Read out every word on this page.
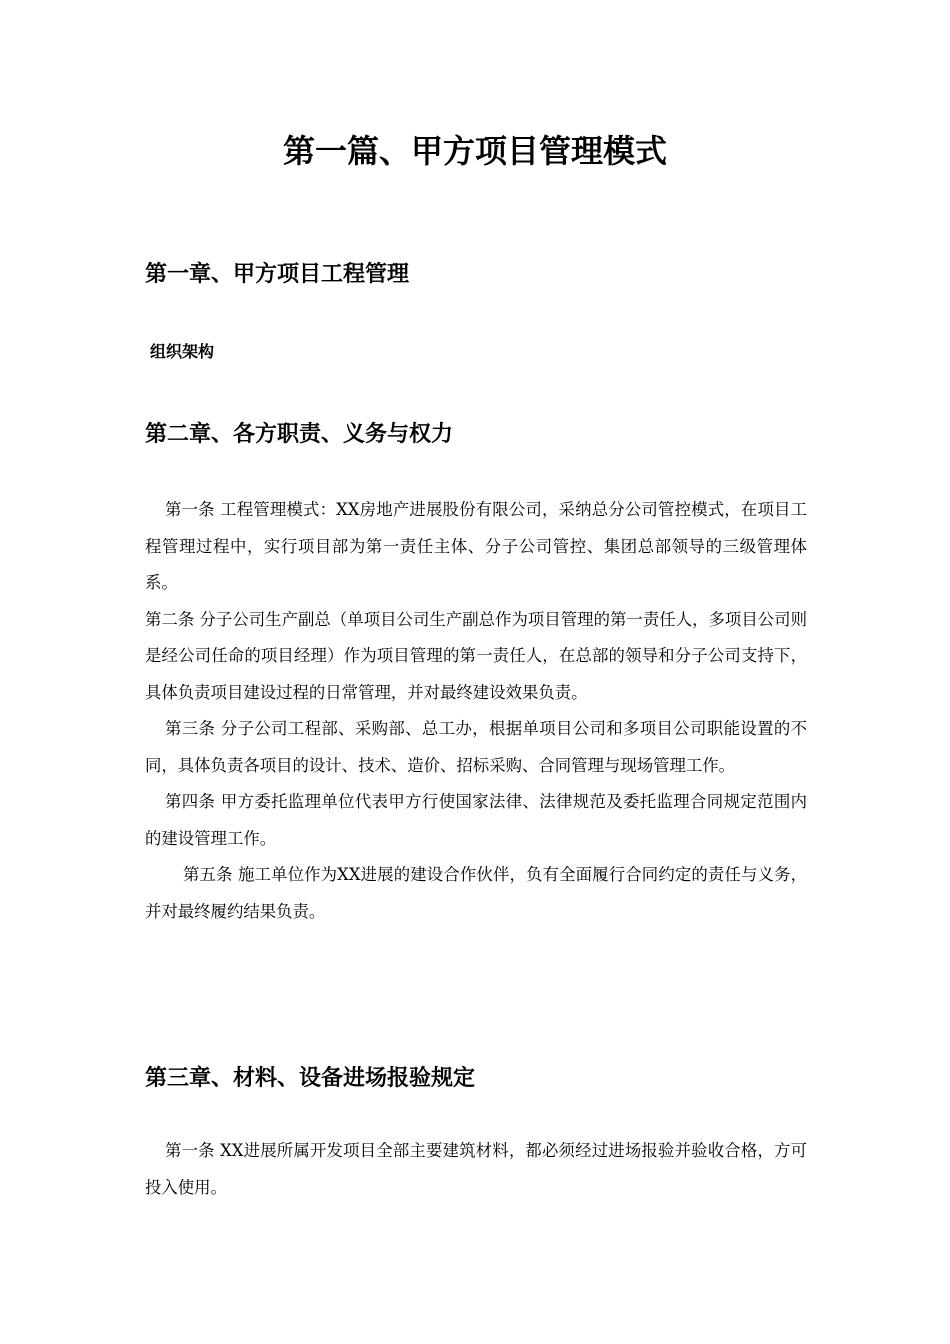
第一篇、甲方项目管理模式
第一章、甲方项目工程管理
组织架构
第二章、各方职责、义务与权力

第一条 工程管理模式：XX房地产进展股份有限公司，采纳总分公司管控模式，在项目工程管理过程中，实行项目部为第一责任主体、分子公司管控、集团总部领导的三级管理体系。

第二条 分子公司生产副总（单项目公司生产副总作为项目管理的第一责任人，多项目公司则是经公司任命的项目经理）作为项目管理的第一责任人，在总部的领导和分子公司支持下，具体负责项目建设过程的日常管理，并对最终建设效果负责。

第三条 分子公司工程部、采购部、总工办，根据单项目公司和多项目公司职能设置的不同，具体负责各项目的设计、技术、造价、招标采购、合同管理与现场管理工作。

第四条 甲方委托监理单位代表甲方行使国家法律、法律规范及委托监理合同规定范围内的建设管理工作。

第五条 施工单位作为XX进展的建设合作伙伴，负有全面履行合同约定的责任与义务，并对最终履约结果负责。

第三章、材料、设备进场报验规定

第一条 XX进展所属开发项目全部主要建筑材料，都必须经过进场报验并验收合格，方可投入使用。
